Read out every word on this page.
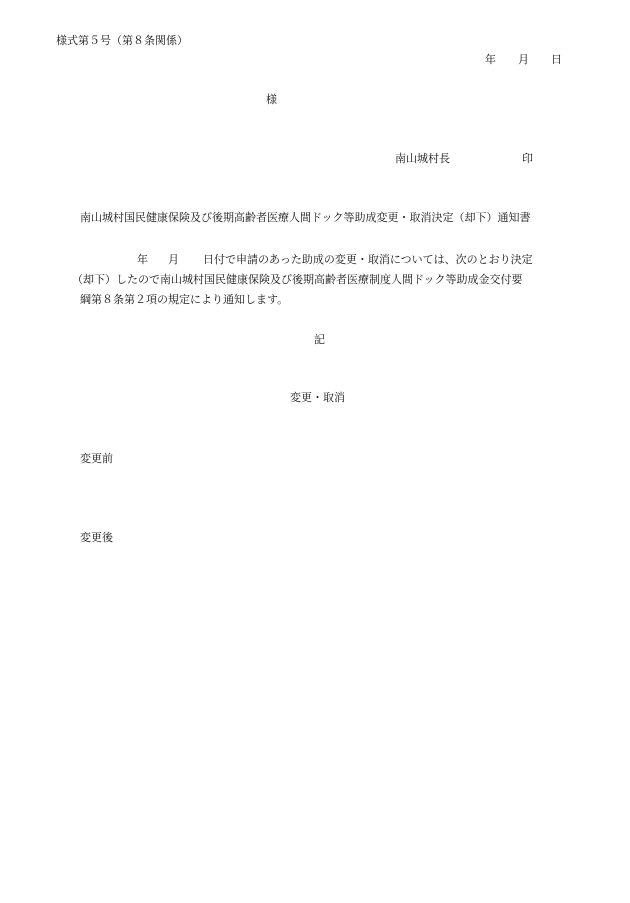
様式第５号（第８条関係）
年 月 日
様
南山城村長	印
南山城村国民健康保険及び後期高齢者医療人間ドック等助成変更・取消決定（却下）通知書
年 月 日付で申請のあった助成の変更・取消については、次のとおり決定
（却下）したので南山城村国民健康保険及び後期高齢者医療制度人間ドック等助成金交付要
綱第８条第２項の規定により通知します。
記
変更・取消
変更前
変更後
